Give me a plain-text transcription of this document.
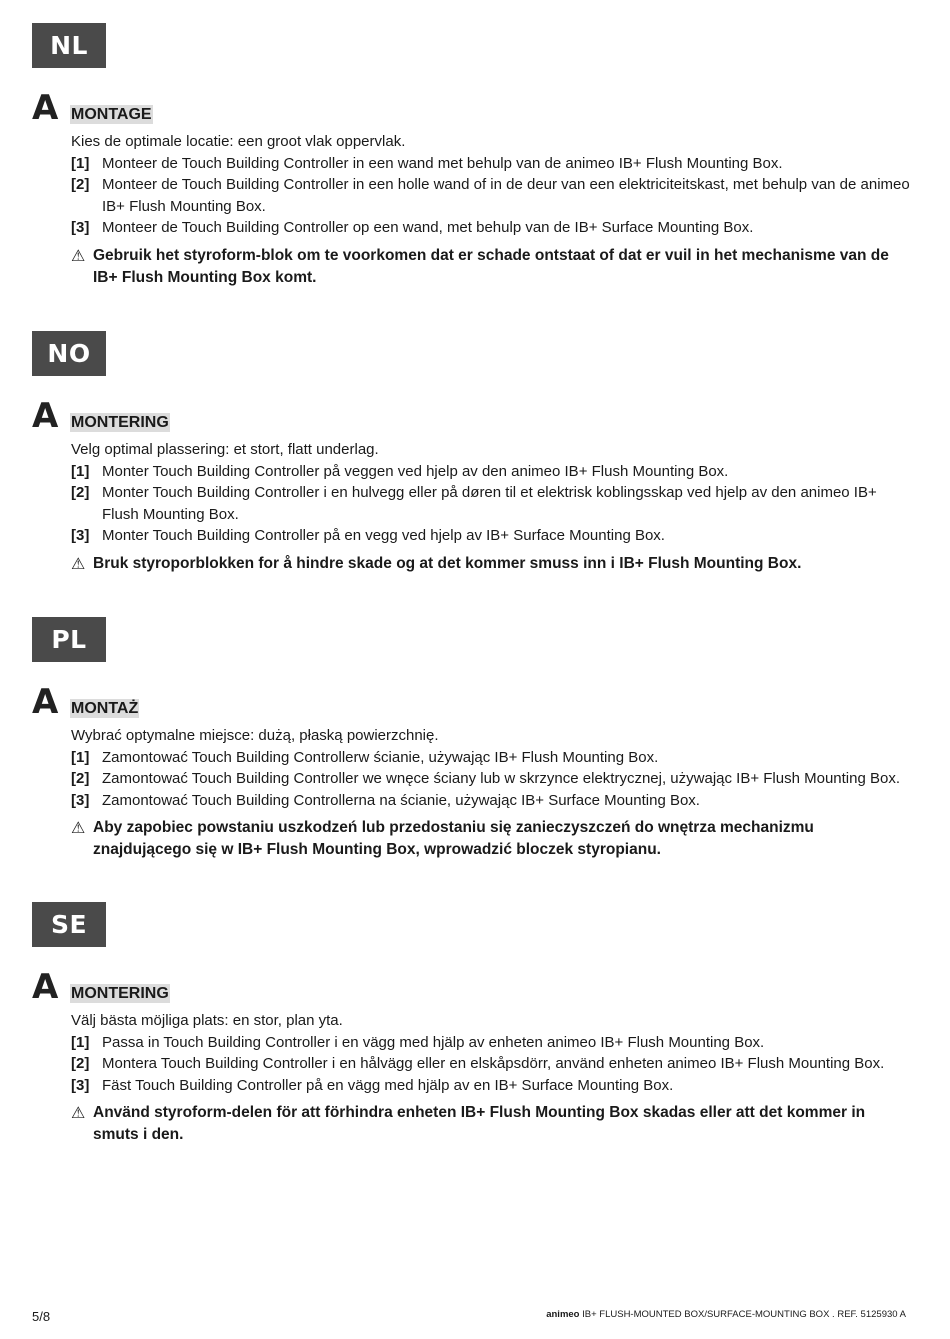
NL
A MONTAGE

Kies de optimale locatie: een groot vlak oppervlak.

[1] Monteer de Touch Building Controller in een wand met behulp van de animeo IB+ Flush Mounting Box.
[2] Monteer de Touch Building Controller in een holle wand of in de deur van een elektriciteitskast, met behulp van de animeo IB+ Flush Mounting Box.
[3] Monteer de Touch Building Controller op een wand, met behulp van de IB+ Surface Mounting Box.
⚠ Gebruik het styroform-blok om te voorkomen dat er schade ontstaat of dat er vuil in het mechanisme van de IB+ Flush Mounting Box komt.
NO
A MONTERING

Velg optimal plassering: et stort, flatt underlag.

[1] Monter Touch Building Controller på veggen ved hjelp av den animeo IB+ Flush Mounting Box.
[2] Monter Touch Building Controller i en hulvegg eller på døren til et elektrisk koblingsskap ved hjelp av den animeo IB+ Flush Mounting Box.
[3] Monter Touch Building Controller på en vegg ved hjelp av IB+ Surface Mounting Box.
⚠ Bruk styroporblokken for å hindre skade og at det kommer smuss inn i IB+ Flush Mounting Box.
PL
A MONTAŻ

Wybrać optymalne miejsce: dużą, płaską powierzchnię.

[1] Zamontować Touch Building Controllerw ścianie, używając IB+ Flush Mounting Box.
[2] Zamontować Touch Building Controller we wnęce ściany lub w skrzynce elektrycznej, używając IB+ Flush Mounting Box.
[3] Zamontować Touch Building Controllerna na ścianie, używając IB+ Surface Mounting Box.
⚠ Aby zapobiec powstaniu uszkodzeń lub przedostaniu się zanieczyszczeń do wnętrza mechanizmu znajdującego się w IB+ Flush Mounting Box, wprowadzić bloczek styropianu.
SE
A MONTERING

Välj bästa möjliga plats: en stor, plan yta.

[1] Passa in Touch Building Controller i en vägg med hjälp av enheten animeo IB+ Flush Mounting Box.
[2] Montera Touch Building Controller i en hålvägg eller en elskåpsdörr, använd enheten animeo IB+ Flush Mounting Box.
[3] Fäst Touch Building Controller på en vägg med hjälp av en IB+ Surface Mounting Box.
⚠ Använd styroform-delen för att förhindra enheten IB+ Flush Mounting Box skadas eller att det kommer in smuts i den.
5/8	animeo IB+ FLUSH-MOUNTED BOX/SURFACE-MOUNTING BOX . REF. 5125930 A
